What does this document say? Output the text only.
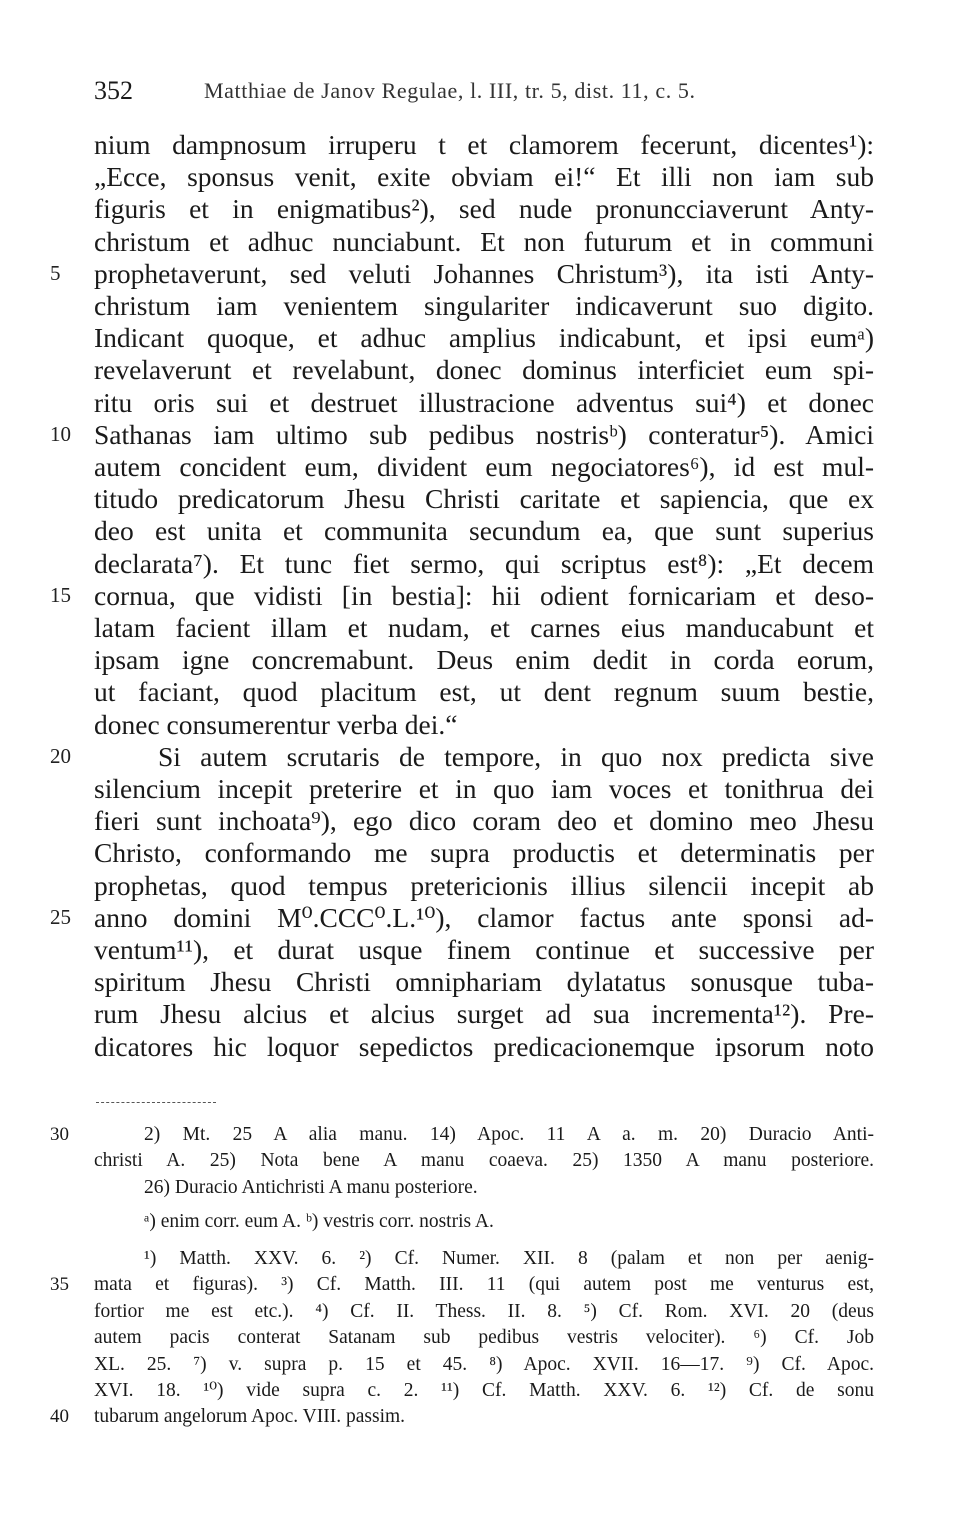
352	Matthiae de Janov Regulae, l. III, tr. 5, dist. 11, c. 5.
nium dampnosum irruperu t et clamorem fecerunt, dicentes¹):
„Ecce, sponsus venit, exite obviam ei!“ Et illi non iam sub
figuris et in enigmatibus²), sed nude pronuncciaverunt Anty-
christum et adhuc nunciabunt. Et non futurum et in communi
prophetaverunt, sed veluti Johannes Christum³), ita isti Anty-
5
christum iam venientem singulariter indicaverunt suo digito.
Indicant quoque, et adhuc amplius indicabunt, et ipsi eumᵃ)
revelaverunt et revelabunt, donec dominus interficiet eum spi-
ritu oris sui et destruet illustracione adventus sui⁴) et donec
Sathanas iam ultimo sub pedibus nostrisᵇ) conteratur⁵). Amici
10
autem concident eum, divident eum negociatores⁶), id est mul-
titudo predicatorum Jhesu Christi caritate et sapiencia, que ex
deo est unita et communita secundum ea, que sunt superius
declarata⁷). Et tunc fiet sermo, qui scriptus est⁸): „Et decem
cornua, que vidisti [in bestia]: hii odient fornicariam et deso-
15
latam facient illam et nudam, et carnes eius manducabunt et
ipsam igne concremabunt. Deus enim dedit in corda eorum,
ut faciant, quod placitum est, ut dent regnum suum bestie,
donec consumerentur verba dei.“
Si autem scrutaris de tempore, in quo nox predicta sive
20
silencium incepit preterire et in quo iam voces et tonithrua dei
fieri sunt inchoata⁹), ego dico coram deo et domino meo Jhesu
Christo, conformando me supra productis et determinatis per
prophetas, quod tempus pretericionis illius silencii incepit ab
anno domini M⁰.CCC⁰.L.¹⁰), clamor factus ante sponsi ad-
25
ventum¹¹), et durat usque finem continue et successive per
spiritum Jhesu Christi omniphariam dylatatus sonusque tuba-
rum Jhesu alcius et alcius surget ad sua incrementa¹²). Pre-
dicatores hic loquor sepedictos predicacionemque ipsorum noto
2) Mt. 25 A alia manu. 14) Apoc. 11 A a. m. 20) Duracio Anti-
30
christi A. 25) Nota bene A manu coaeva. 25) 1350 A manu posteriore.
26) Duracio Antichristi A manu posteriore.
ᵃ) enim corr. eum A. ᵇ) vestris corr. nostris A.
¹) Matth. XXV. 6. ²) Cf. Numer. XII. 8 (palam et non per aenig-
mata et figuras). ³) Cf. Matth. III. 11 (qui autem post me venturus est,
35
fortior me est etc.). ⁴) Cf. II. Thess. II. 8. ⁵) Cf. Rom. XVI. 20 (deus
autem pacis conterat Satanam sub pedibus vestris velociter). ⁶) Cf. Job
XL. 25. ⁷) v. supra p. 15 et 45. ⁸) Apoc. XVII. 16—17. ⁹) Cf. Apoc.
XVI. 18. ¹⁰) vide supra c. 2. ¹¹) Cf. Matth. XXV. 6. ¹²) Cf. de sonu
tubarum angelorum Apoc. VIII. passim.
40
